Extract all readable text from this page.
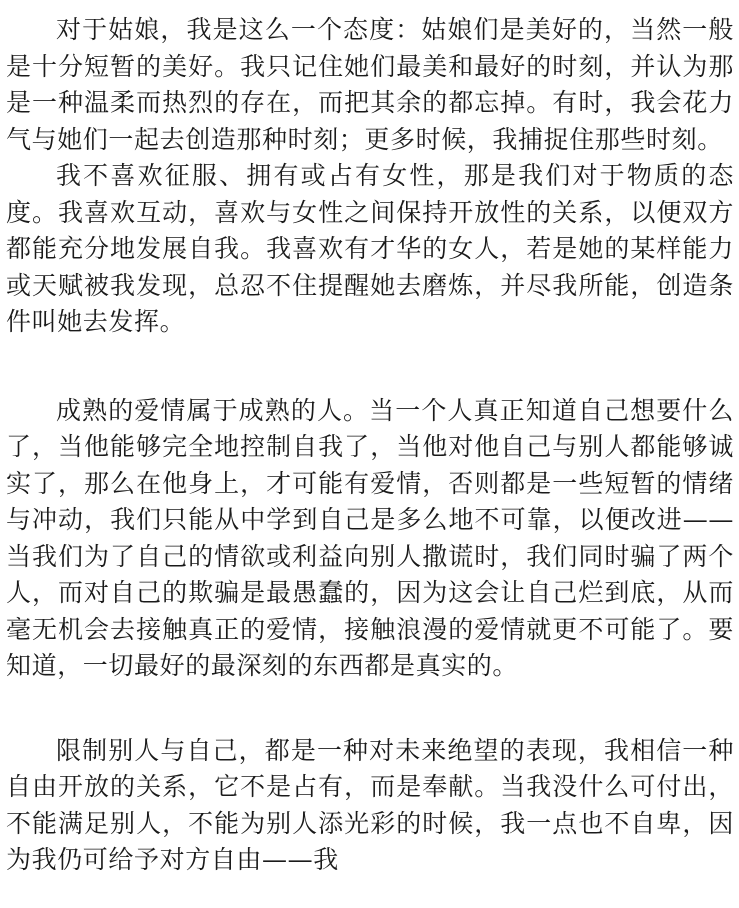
对于姑娘，我是这么一个态度：姑娘们是美好的，当然一般是十分短暂的美好。我只记住她们最美和最好的时刻，并认为那是一种温柔而热烈的存在，而把其余的都忘掉。有时，我会花力气与她们一起去创造那种时刻；更多时候，我捕捉住那些时刻。

我不喜欢征服、拥有或占有女性，那是我们对于物质的态度。我喜欢互动，喜欢与女性之间保持开放性的关系，以便双方都能充分地发展自我。我喜欢有才华的女人，若是她的某样能力或天赋被我发现，总忍不住提醒她去磨炼，并尽我所能，创造条件叫她去发挥。

成熟的爱情属于成熟的人。当一个人真正知道自己想要什么了，当他能够完全地控制自我了，当他对他自己与别人都能够诚实了，那么在他身上，才可能有爱情，否则都是一些短暂的情绪与冲动，我们只能从中学到自己是多么地不可靠，以便改进——当我们为了自己的情欲或利益向别人撒谎时，我们同时骗了两个人，而对自己的欺骗是最愚蠢的，因为这会让自己烂到底，从而毫无机会去接触真正的爱情，接触浪漫的爱情就更不可能了。要知道，一切最好的最深刻的东西都是真实的。

限制别人与自己，都是一种对未来绝望的表现，我相信一种自由开放的关系，它不是占有，而是奉献。当我没什么可付出，不能满足别人，不能为别人添光彩的时候，我一点也不自卑，因为我仍可给予对方自由——我
